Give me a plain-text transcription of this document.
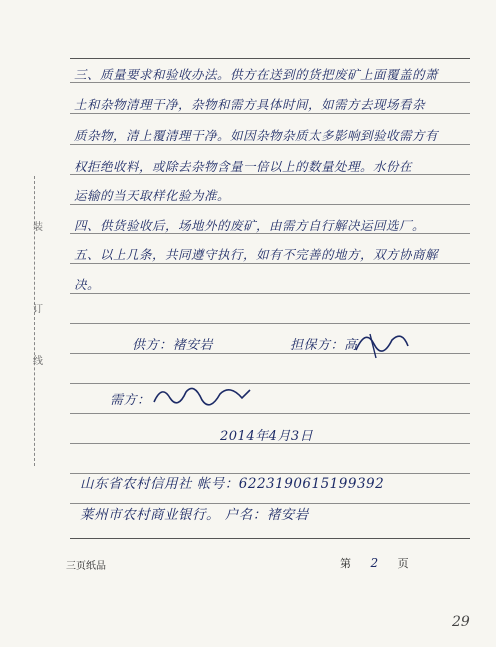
装
订
线
三、质量要求和验收办法。供方在送到的货把废矿上面覆盖的萧
土和杂物清理干净，杂物和需方具体时间，如需方去现场看杂
质杂物，清上覆清理干净。如因杂物杂质太多影响到验收需方有
权拒绝收料，或除去杂物含量一倍以上的数量处理。水份在
运输的当天取样化验为准。
四、供货验收后，场地外的废矿，由需方自行解决运回选厂。
五、以上几条，共同遵守执行，如有不完善的地方，双方协商解
决。
供方：褚安岩	担保方：高
需方：
2014年4月3日
山东省农村信用社 帐号：6223190615199392
莱州市农村商业银行。 户名：褚安岩
三页纸品	第 2 页
29
